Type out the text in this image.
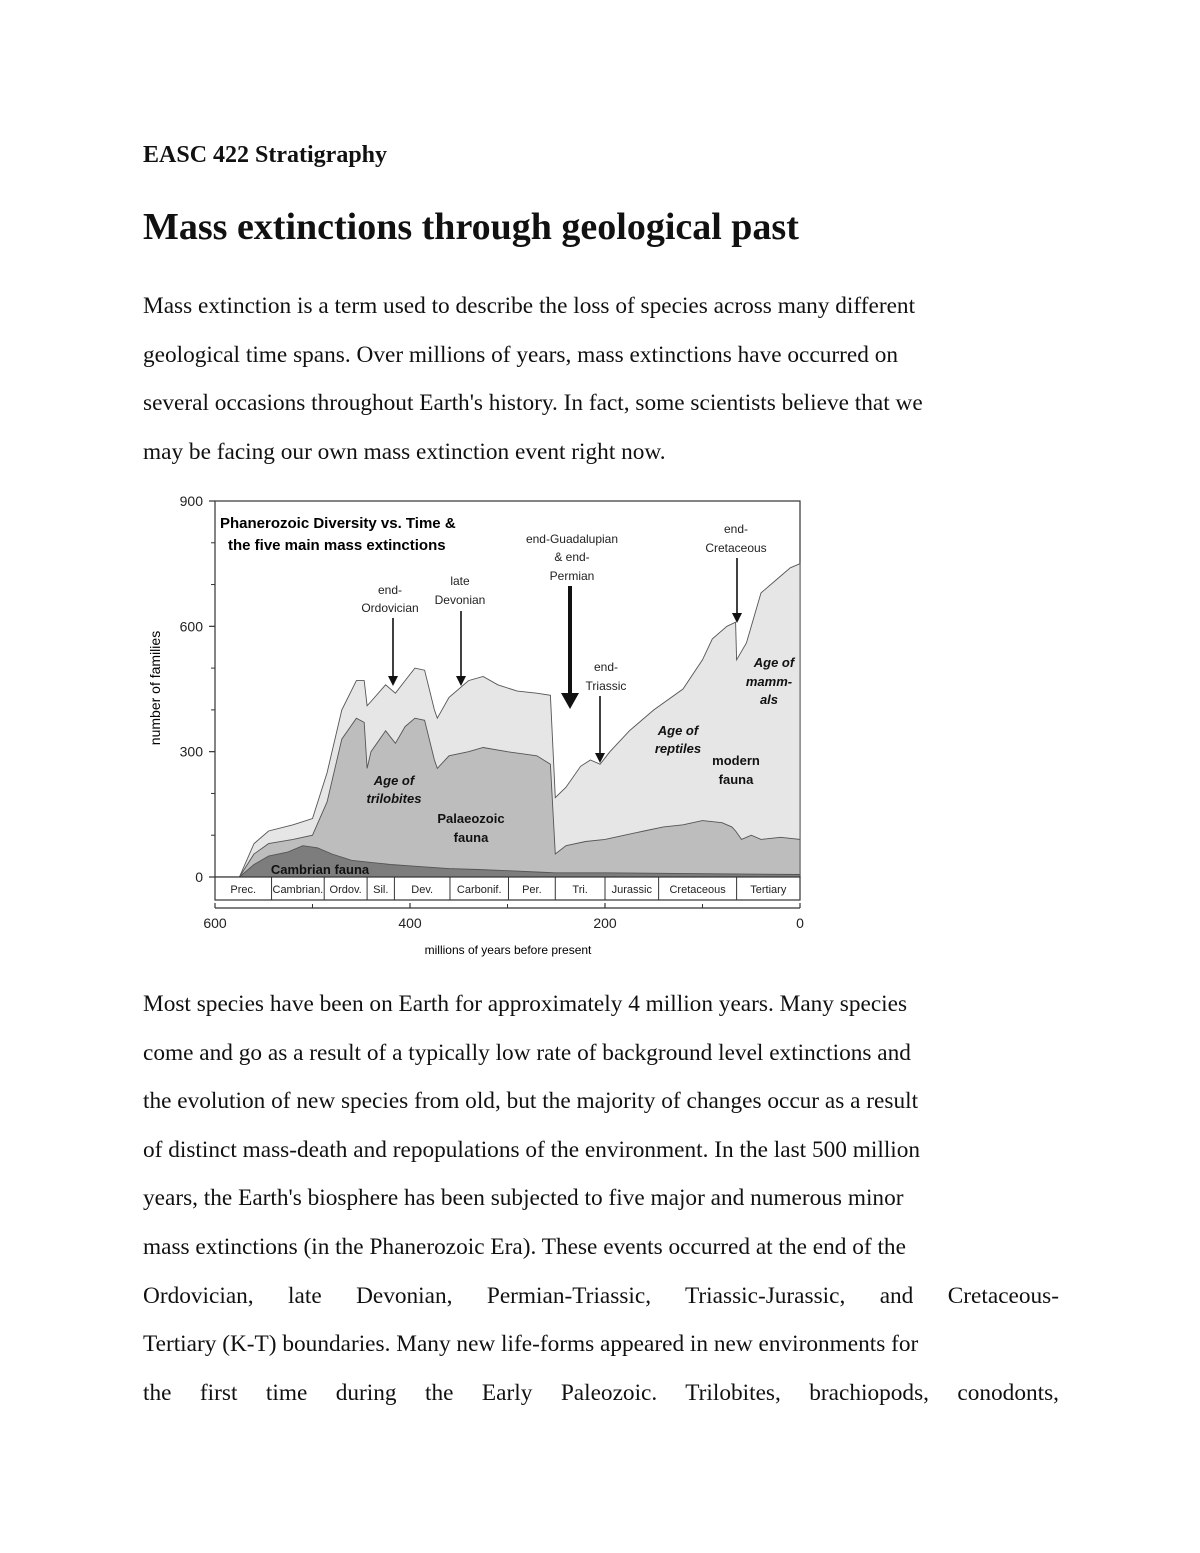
EASC 422 Stratigraphy

Mass extinctions through geological past
Mass extinction is a term used to describe the loss of species across many different
geological time spans. Over millions of years, mass extinctions have occurred on
several occasions throughout Earth's history. In fact, some scientists believe that we
may be facing our own mass extinction event right now.
900
600
300
0
Prec. Cambrian. Ordov. Sil. Dev. Carbonif. Per.	Tri. Jurassic Cretaceous Tertiary
600	400	200	0
Phanerozoic Diversity vs. Time &
the five main mass extinctions
number of families
millions of years before present
end-
Ordovician
late
Devonian
end-Guadalupian
& end-
Permian
end-
Triassic
end-
Cretaceous
Age of
trilobites
Palaeozoic
fauna
Cambrian fauna
Age of
reptiles
modern
fauna
Age of
mamm-
als
Most species have been on Earth for approximately 4 million years. Many species
come and go as a result of a typically low rate of background level extinctions and
the evolution of new species from old, but the majority of changes occur as a result
of distinct mass-death and repopulations of the environment. In the last 500 million
years, the Earth's biosphere has been subjected to five major and numerous minor
mass extinctions (in the Phanerozoic Era). These events occurred at the end of the
Ordovician, late Devonian, Permian-Triassic, Triassic-Jurassic, and Cretaceous-
Tertiary (K-T) boundaries. Many new life-forms appeared in new environments for
the first time during the Early Paleozoic. Trilobites, brachiopods, conodonts,
